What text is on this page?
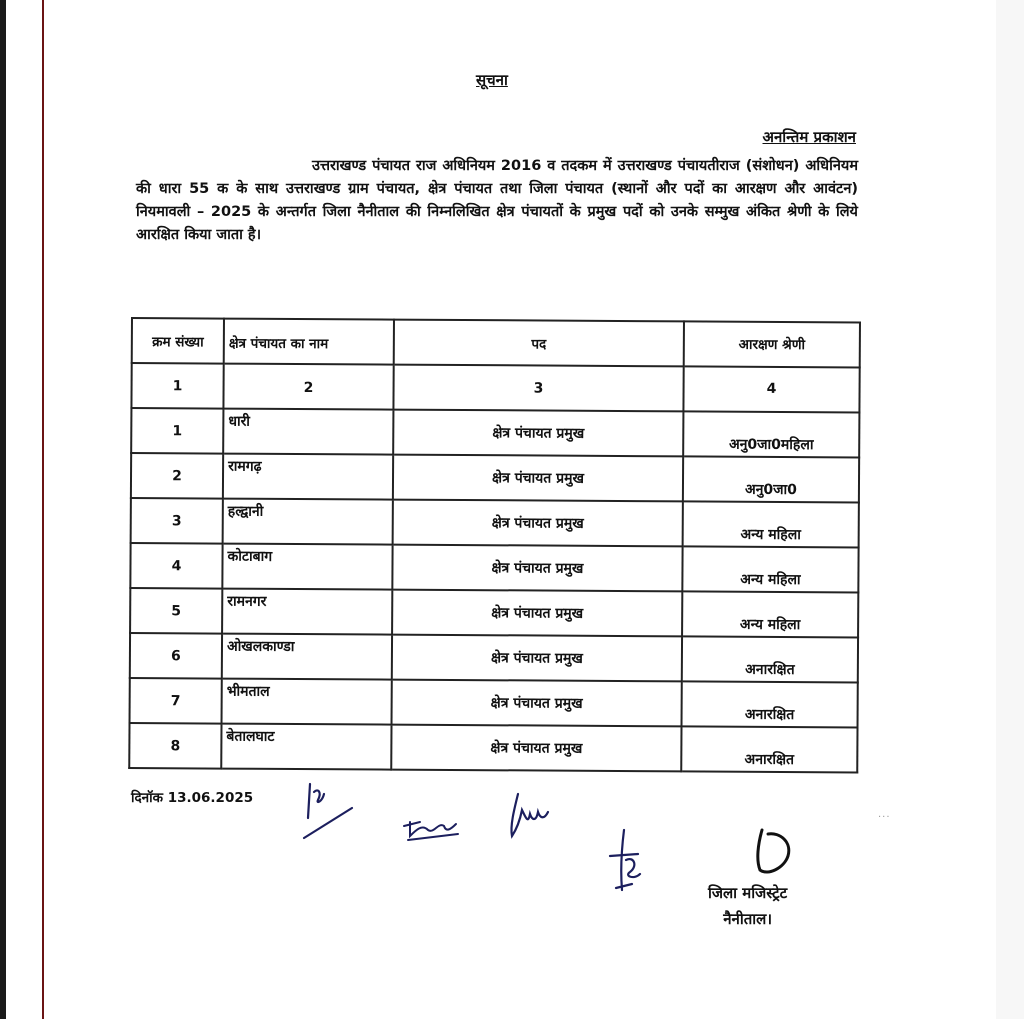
सूचना
अनन्तिम प्रकाशन
उत्तराखण्ड पंचायत राज अधिनियम 2016 व तदकम में उत्तराखण्ड पंचायतीराज (संशोधन) अधिनियम की धारा 55 क के साथ उत्तराखण्ड ग्राम पंचायत, क्षेत्र पंचायत तथा जिला पंचायत (स्थानों और पदों का आरक्षण और आवंटन) नियमावली – 2025 के अन्तर्गत जिला नैनीताल की निम्नलिखित क्षेत्र पंचायतों के प्रमुख पदों को उनके सम्मुख अंकित श्रेणी के लिये आरक्षित किया जाता है।
क्रम संख्या	क्षेत्र पंचायत का नाम	पद	आरक्षण श्रेणी
1	2	3	4
1	धारी	क्षेत्र पंचायत प्रमुख	अनु0जा0महिला
2	रामगढ़	क्षेत्र पंचायत प्रमुख	अनु0जा0
3	हल्द्वानी	क्षेत्र पंचायत प्रमुख	अन्य महिला
4	कोटाबाग	क्षेत्र पंचायत प्रमुख	अन्य महिला
5	रामनगर	क्षेत्र पंचायत प्रमुख	अन्य महिला
6	ओखलकाण्डा	क्षेत्र पंचायत प्रमुख	अनारक्षित
7	भीमताल	क्षेत्र पंचायत प्रमुख	अनारक्षित
8	बेतालघाट	क्षेत्र पंचायत प्रमुख	अनारक्षित
दिनॉक 13.06.2025
जिला मजिस्ट्रेट
नैनीताल।
···
